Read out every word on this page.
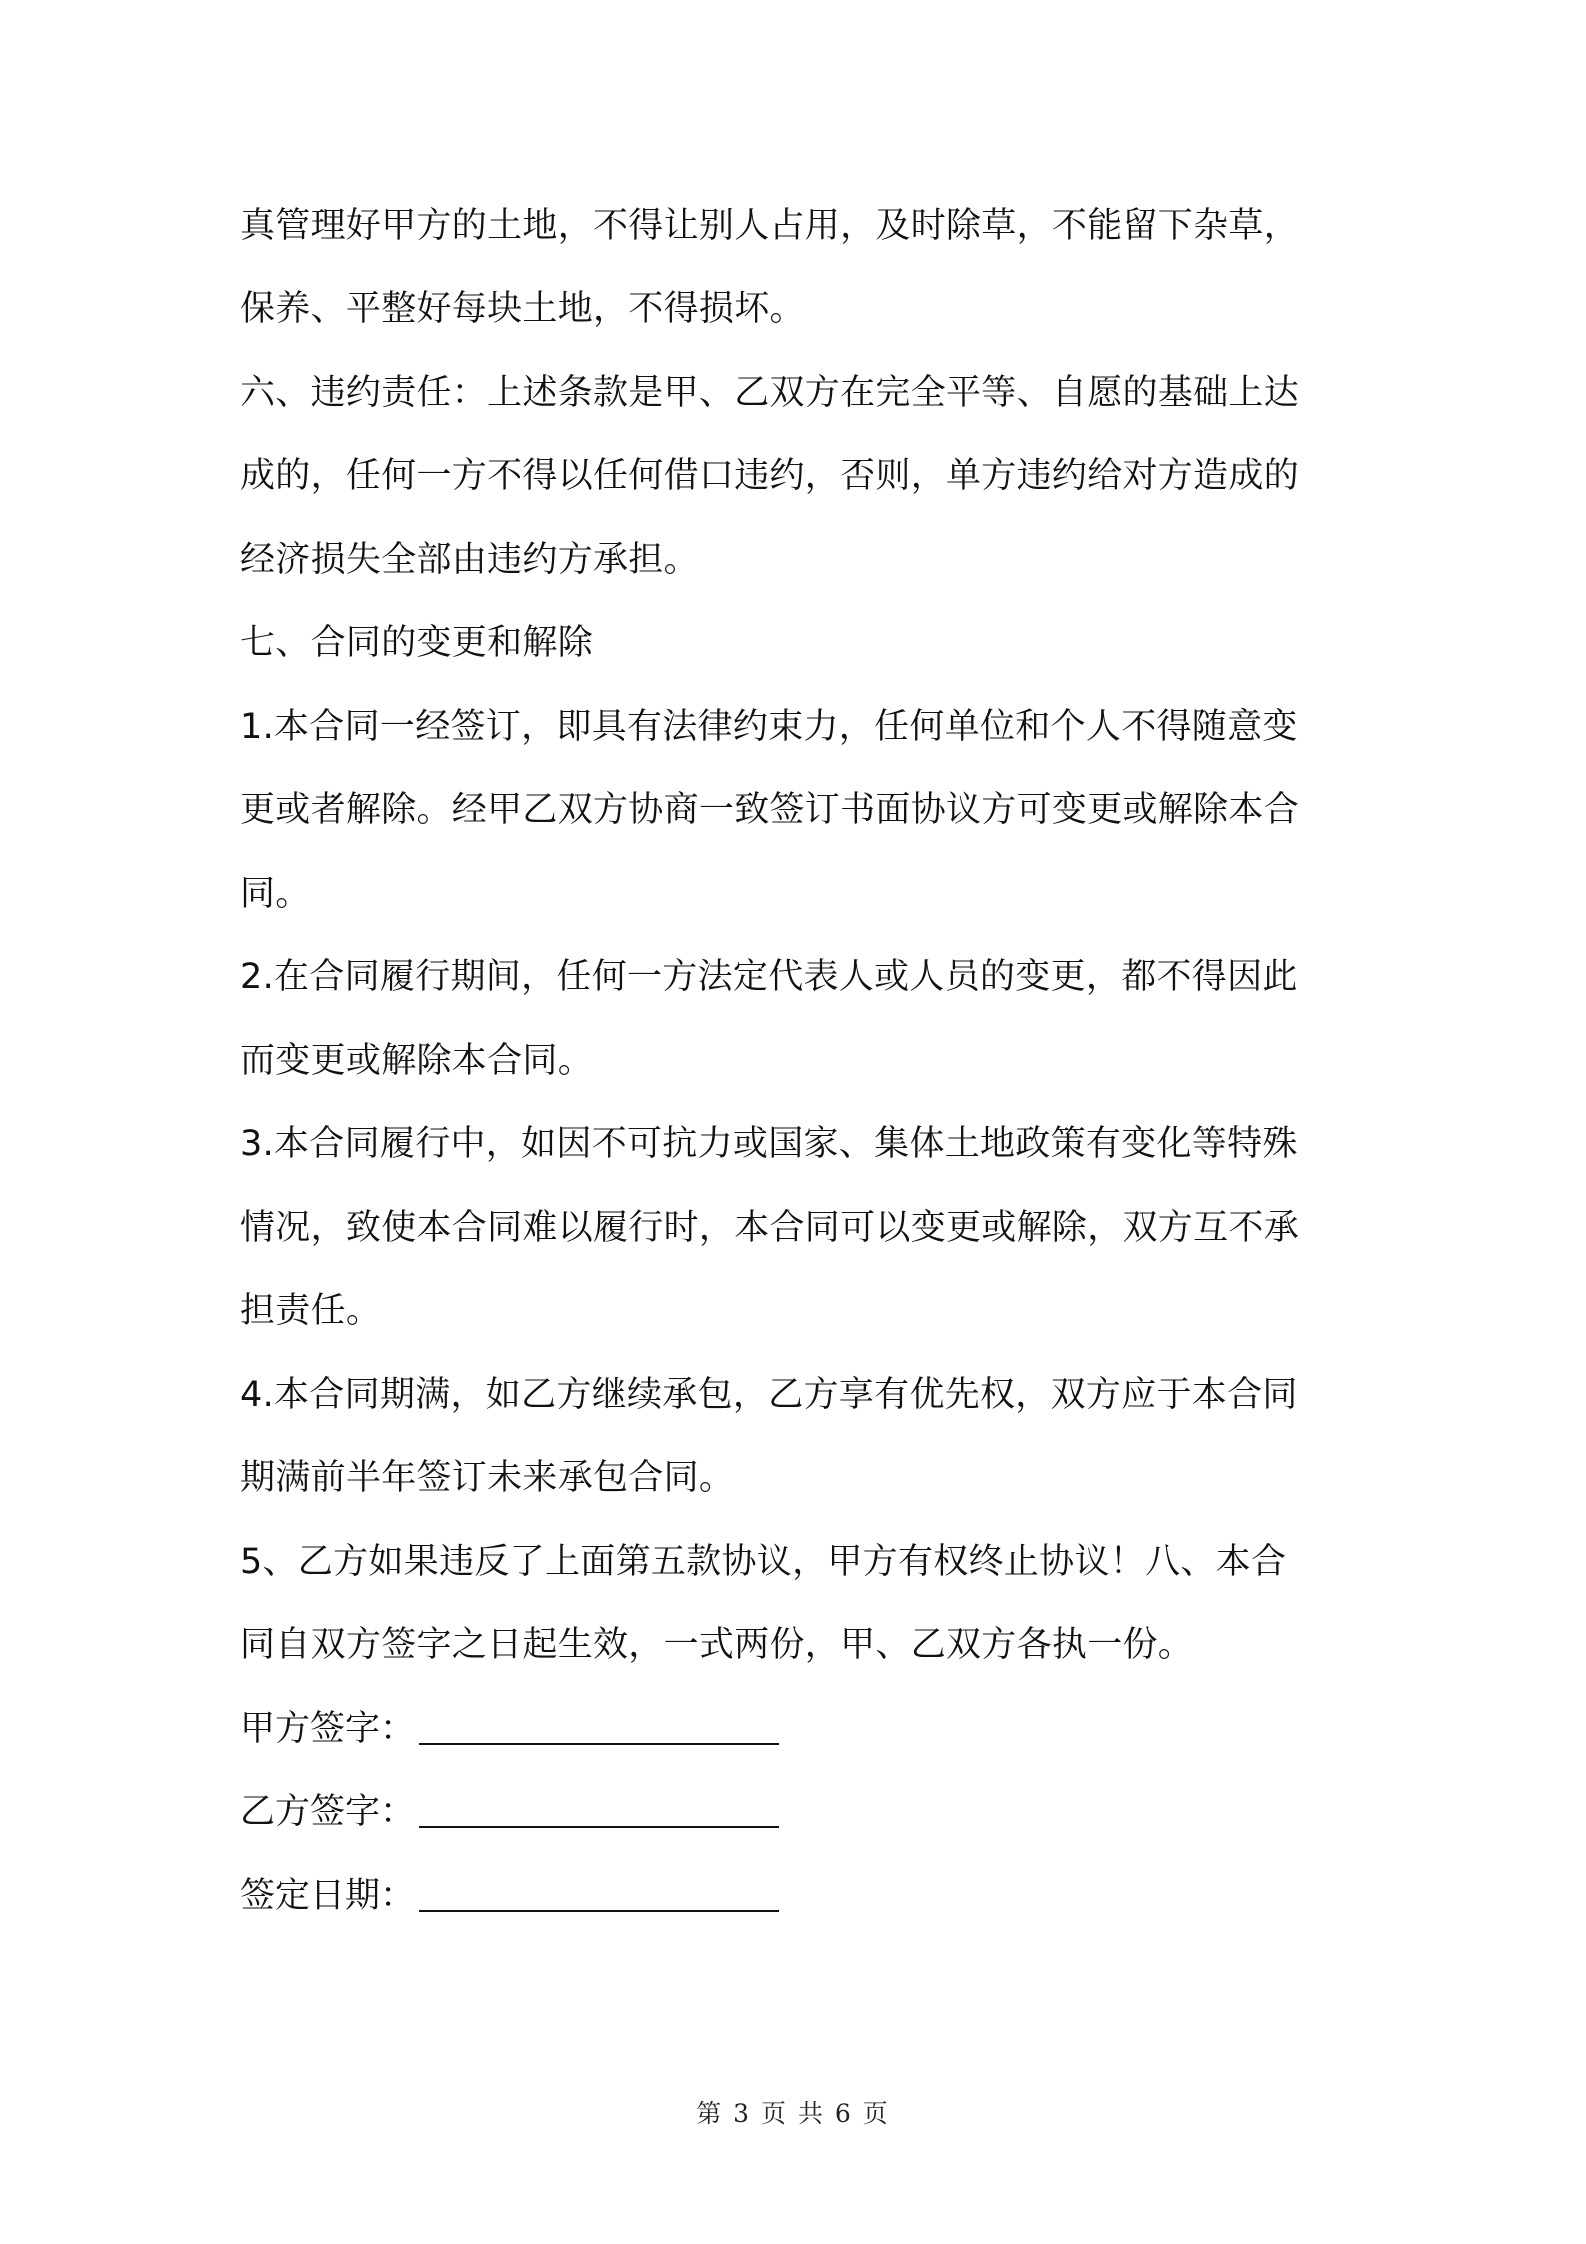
真管理好甲方的土地，不得让别人占用，及时除草，不能留下杂草，
保养、平整好每块土地，不得损坏。
六、违约责任：上述条款是甲、乙双方在完全平等、自愿的基础上达
成的，任何一方不得以任何借口违约，否则，单方违约给对方造成的
经济损失全部由违约方承担。
七、合同的变更和解除
1.本合同一经签订，即具有法律约束力，任何单位和个人不得随意变
更或者解除。经甲乙双方协商一致签订书面协议方可变更或解除本合
同。
2.在合同履行期间，任何一方法定代表人或人员的变更，都不得因此
而变更或解除本合同。
3.本合同履行中，如因不可抗力或国家、集体土地政策有变化等特殊
情况，致使本合同难以履行时，本合同可以变更或解除，双方互不承
担责任。
4.本合同期满，如乙方继续承包，乙方享有优先权，双方应于本合同
期满前半年签订未来承包合同。
5、乙方如果违反了上面第五款协议，甲方有权终止协议！八、本合
同自双方签字之日起生效，一式两份，甲、乙双方各执一份。
甲方签字：
乙方签字：
签定日期：
第 3 页 共 6 页
